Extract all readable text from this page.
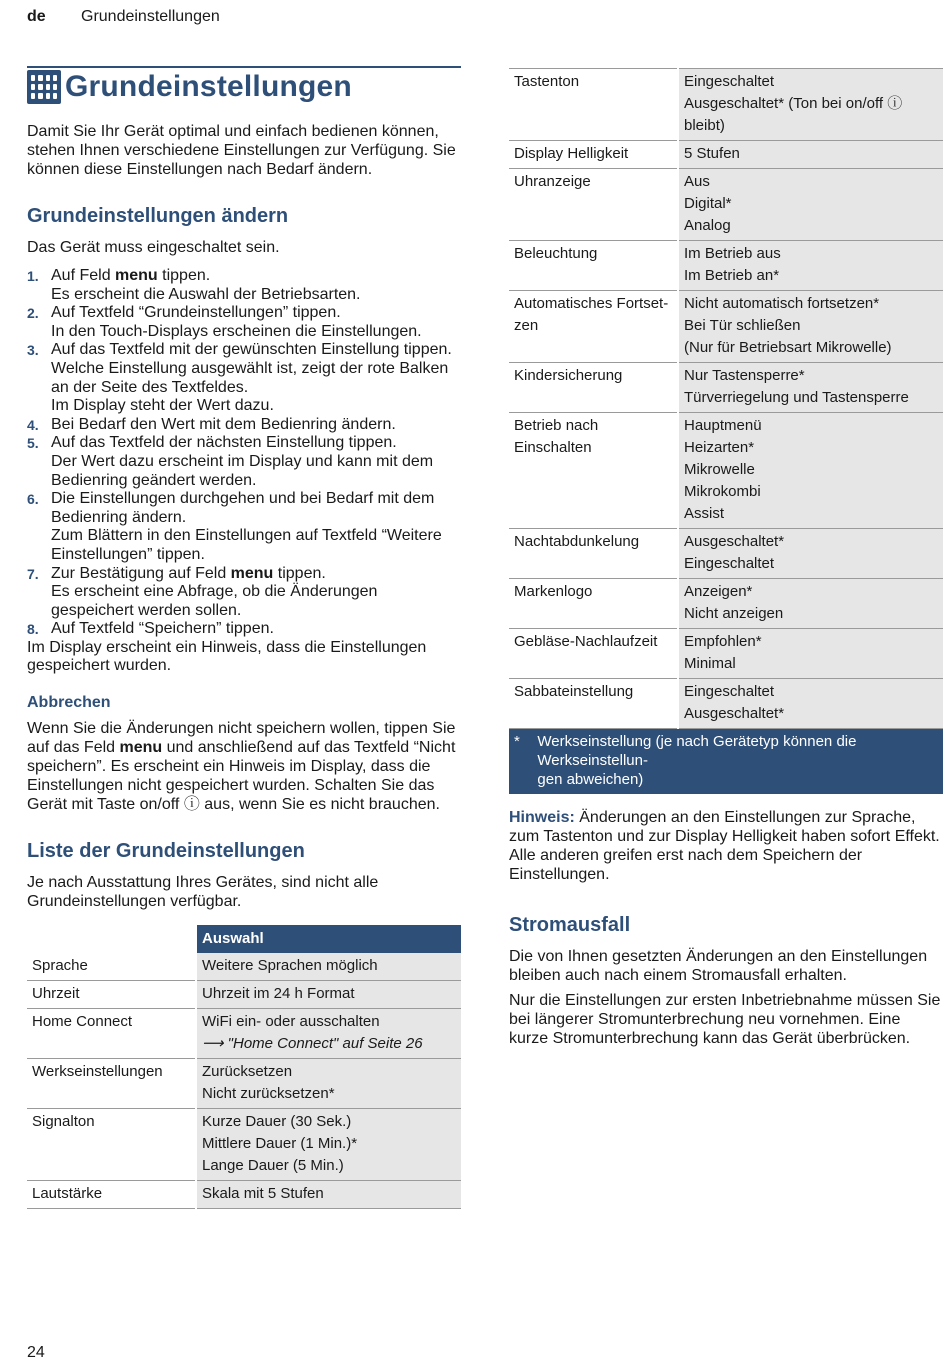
de Grundeinstellungen
Grundeinstellungen

Damit Sie Ihr Gerät optimal und einfach bedienen können, stehen Ihnen verschiedene Einstellungen zur Verfügung. Sie können diese Einstellungen nach Bedarf ändern.

Grundeinstellungen ändern

Das Gerät muss eingeschaltet sein.

1. Auf Feld menu tippen.
Es erscheint die Auswahl der Betriebsarten.
2. Auf Textfeld “Grundeinstellungen” tippen.
In den Touch-Displays erscheinen die Einstellungen.
3. Auf das Textfeld mit der gewünschten Einstellung tippen.
Welche Einstellung ausgewählt ist, zeigt der rote Balken an der Seite des Textfeldes.
Im Display steht der Wert dazu.
4. Bei Bedarf den Wert mit dem Bedienring ändern.
5. Auf das Textfeld der nächsten Einstellung tippen.
Der Wert dazu erscheint im Display und kann mit dem Bedienring geändert werden.
6. Die Einstellungen durchgehen und bei Bedarf mit dem Bedienring ändern.
Zum Blättern in den Einstellungen auf Textfeld “Weitere Einstellungen” tippen.
7. Zur Bestätigung auf Feld menu tippen.
Es erscheint eine Abfrage, ob die Änderungen gespeichert werden sollen.
8. Auf Textfeld “Speichern” tippen.
Im Display erscheint ein Hinweis, dass die Einstellungen gespeichert wurden.
Abbrechen

Wenn Sie die Änderungen nicht speichern wollen, tippen Sie auf das Feld menu und anschließend auf das Textfeld “Nicht speichern”. Es erscheint ein Hinweis im Display, dass die Einstellungen nicht gespeichert wurden. Schalten Sie das Gerät mit Taste on/off ⓘ aus, wenn Sie es nicht brauchen.

Liste der Grundeinstellungen

Je nach Ausstattung Ihres Gerätes, sind nicht alle Grundeinstellungen verfügbar.

Einstellung	Auswahl
Sprache	Weitere Sprachen möglich

Uhrzeit	Uhrzeit im 24 h Format

Home Connect	WiFi ein- oder ausschalten
⟶ "Home Connect" auf Seite 26

Werkseinstellungen	Zurücksetzen
Nicht zurücksetzen*

Signalton	Kurze Dauer (30 Sek.)
Mittlere Dauer (1 Min.)*
Lange Dauer (5 Min.)

Lautstärke	Skala mit 5 Stufen
Tastenton	Eingeschaltet
Ausgeschaltet* (Ton bei on/off ⓘ bleibt)

Display Helligkeit	5 Stufen

Uhranzeige	Aus
Digital*
Analog

Beleuchtung	Im Betrieb aus
Im Betrieb an*

Automatisches Fortset-
zen	Nicht automatisch fortsetzen*
Bei Tür schließen
(Nur für Betriebsart Mikrowelle)

Kindersicherung	Nur Tastensperre*
Türverriegelung und Tastensperre

Betrieb nach Einschalten	Hauptmenü
Heizarten*
Mikrowelle
Mikrokombi
Assist

Nachtabdunkelung	Ausgeschaltet*
Eingeschaltet

Markenlogo	Anzeigen*
Nicht anzeigen

Gebläse-Nachlaufzeit	Empfohlen*
Minimal

Sabbateinstellung	Eingeschaltet
Ausgeschaltet*
* Werkseinstellung (je nach Gerätetyp können die Werkseinstellun-
gen abweichen)

Hinweis: Änderungen an den Einstellungen zur Sprache, zum Tastenton und zur Display Helligkeit haben sofort Effekt. Alle anderen greifen erst nach dem Speichern der Einstellungen.

Stromausfall

Die von Ihnen gesetzten Änderungen an den Einstellungen bleiben auch nach einem Stromausfall erhalten.

Nur die Einstellungen zur ersten Inbetriebnahme müssen Sie bei längerer Stromunterbrechung neu vornehmen. Eine kurze Stromunterbrechung kann das Gerät überbrücken.

24
